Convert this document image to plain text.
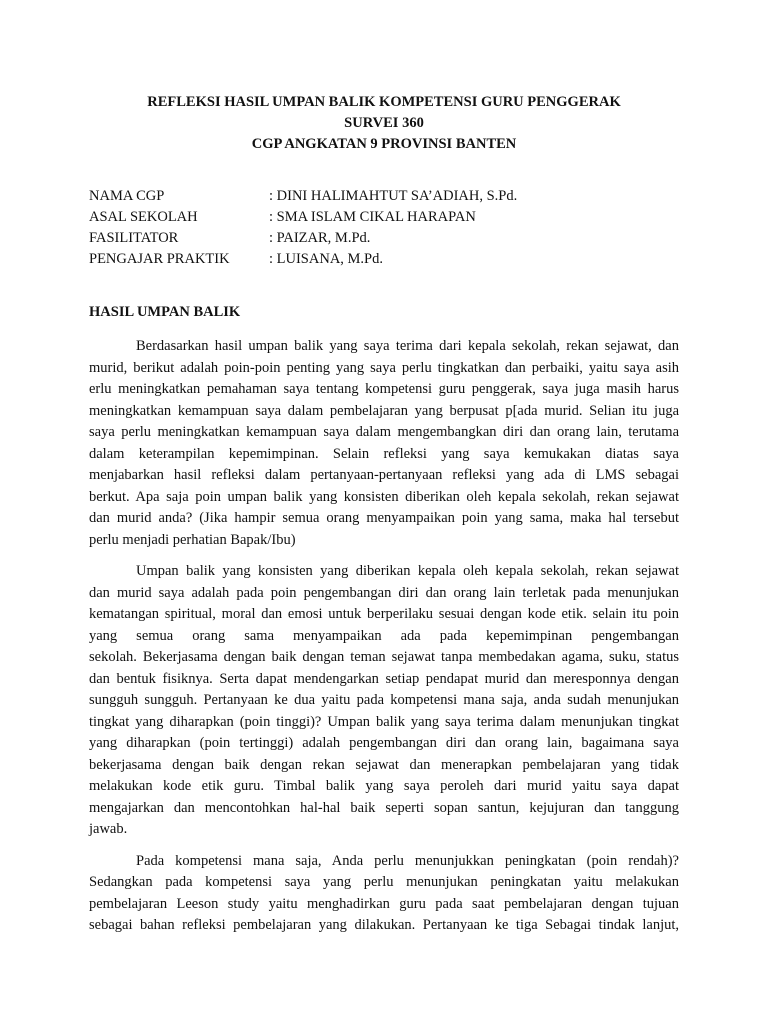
REFLEKSI HASIL UMPAN BALIK KOMPETENSI GURU PENGGERAK
SURVEI 360
CGP ANGKATAN 9 PROVINSI BANTEN
NAMA CGP	: DINI HALIMAHTUT SA’ADIAH, S.Pd.
ASAL SEKOLAH	: SMA ISLAM CIKAL HARAPAN
FASILITATOR	: PAIZAR, M.Pd.
PENGAJAR PRAKTIK	: LUISANA, M.Pd.
HASIL UMPAN BALIK
Berdasarkan hasil umpan balik yang saya terima dari kepala sekolah, rekan sejawat, dan
murid, berikut adalah poin-poin penting yang saya perlu tingkatkan dan perbaiki, yaitu saya asih
erlu meningkatkan pemahaman saya tentang kompetensi guru penggerak, saya juga masih harus
meningkatkan kemampuan saya dalam pembelajaran yang berpusat p[ada murid. Selian itu juga
saya perlu meningkatkan kemampuan saya dalam mengembangkan diri dan orang lain, terutama
dalam keterampilan kepemimpinan. Selain refleksi yang saya kemukakan diatas saya
menjabarkan hasil refleksi dalam pertanyaan-pertanyaan refleksi yang ada di LMS sebagai
berkut. Apa saja poin umpan balik yang konsisten diberikan oleh kepala sekolah, rekan sejawat
dan murid anda? (Jika hampir semua orang menyampaikan poin yang sama, maka hal tersebut
perlu menjadi perhatian Bapak/Ibu)
Umpan balik yang konsisten yang diberikan kepala oleh kepala sekolah, rekan sejawat
dan murid saya adalah pada poin pengembangan diri dan orang lain terletak pada menunjukan
kematangan spiritual, moral dan emosi untuk berperilaku sesuai dengan kode etik. selain itu poin
yang semua orang sama menyampaikan ada pada kepemimpinan pengembangan
sekolah. Bekerjasama dengan baik dengan teman sejawat tanpa membedakan agama, suku, status
dan bentuk fisiknya. Serta dapat mendengarkan setiap pendapat murid dan meresponnya dengan
sungguh sungguh. Pertanyaan ke dua yaitu pada kompetensi mana saja, anda sudah menunjukan
tingkat yang diharapkan (poin tinggi)? Umpan balik yang saya terima dalam menunjukan tingkat
yang diharapkan (poin tertinggi) adalah pengembangan diri dan orang lain, bagaimana saya
bekerjasama dengan baik dengan rekan sejawat dan menerapkan pembelajaran yang tidak
melakukan kode etik guru. Timbal balik yang saya peroleh dari murid yaitu saya dapat
mengajarkan dan mencontohkan hal-hal baik seperti sopan santun, kejujuran dan tanggung
jawab.
Pada kompetensi mana saja, Anda perlu menunjukkan peningkatan (poin rendah)?
Sedangkan pada kompetensi saya yang perlu menunjukan peningkatan yaitu melakukan
pembelajaran Leeson study yaitu menghadirkan guru pada saat pembelajaran dengan tujuan
sebagai bahan refleksi pembelajaran yang dilakukan. Pertanyaan ke tiga Sebagai tindak lanjut,
